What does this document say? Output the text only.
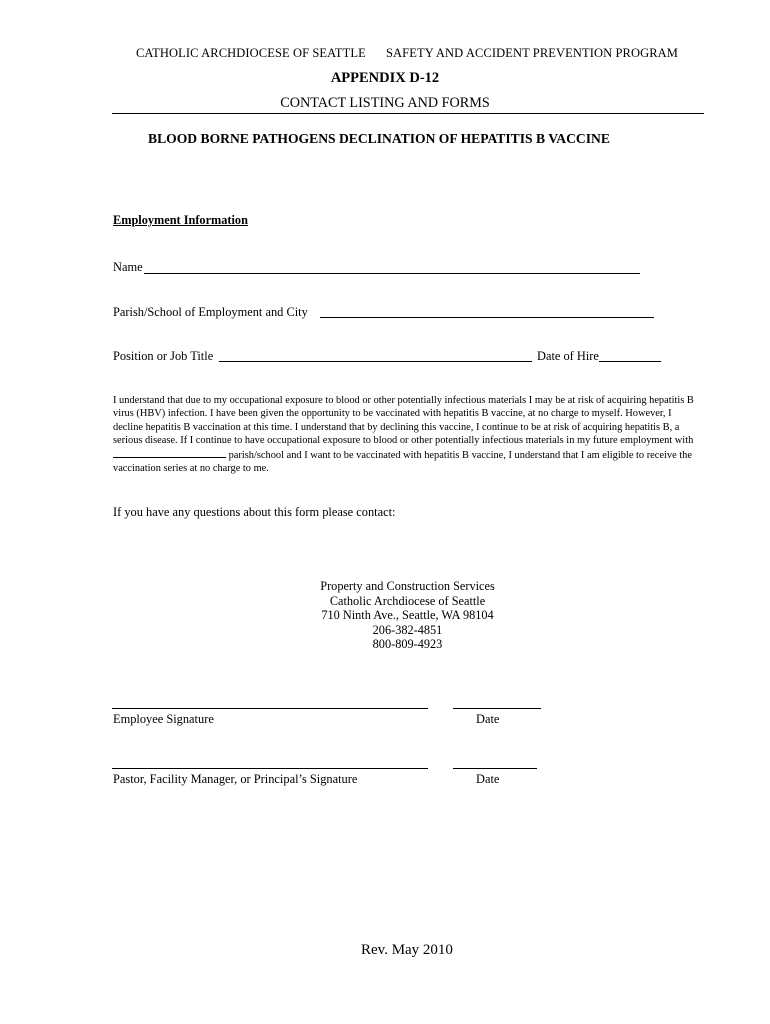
CATHOLIC ARCHDIOCESE OF SEATTLE SAFETY AND ACCIDENT PREVENTION PROGRAM
APPENDIX D-12
CONTACT LISTING AND FORMS
BLOOD BORNE PATHOGENS DECLINATION OF HEPATITIS B VACCINE
Employment Information
Name
Parish/School of Employment and City
Position or Job Title	Date of Hire
I understand that due to my occupational exposure to blood or other potentially infectious materials I may be at risk of acquiring hepatitis B virus (HBV) infection. I have been given the opportunity to be vaccinated with hepatitis B vaccine, at no charge to myself. However, I decline hepatitis B vaccination at this time. I understand that by declining this vaccine, I continue to be at risk of acquiring hepatitis B, a serious disease. If I continue to have occupational exposure to blood or other potentially infectious materials in my future employment with  parish/school and I want to be vaccinated with hepatitis B vaccine, I understand that I am eligible to receive the vaccination series at no charge to me.
If you have any questions about this form please contact:
Property and Construction Services
Catholic Archdiocese of Seattle
710 Ninth Ave., Seattle, WA 98104
206-382-4851
800-809-4923
Employee Signature	Date
Pastor, Facility Manager, or Principal’s Signature	Date
Rev. May 2010
